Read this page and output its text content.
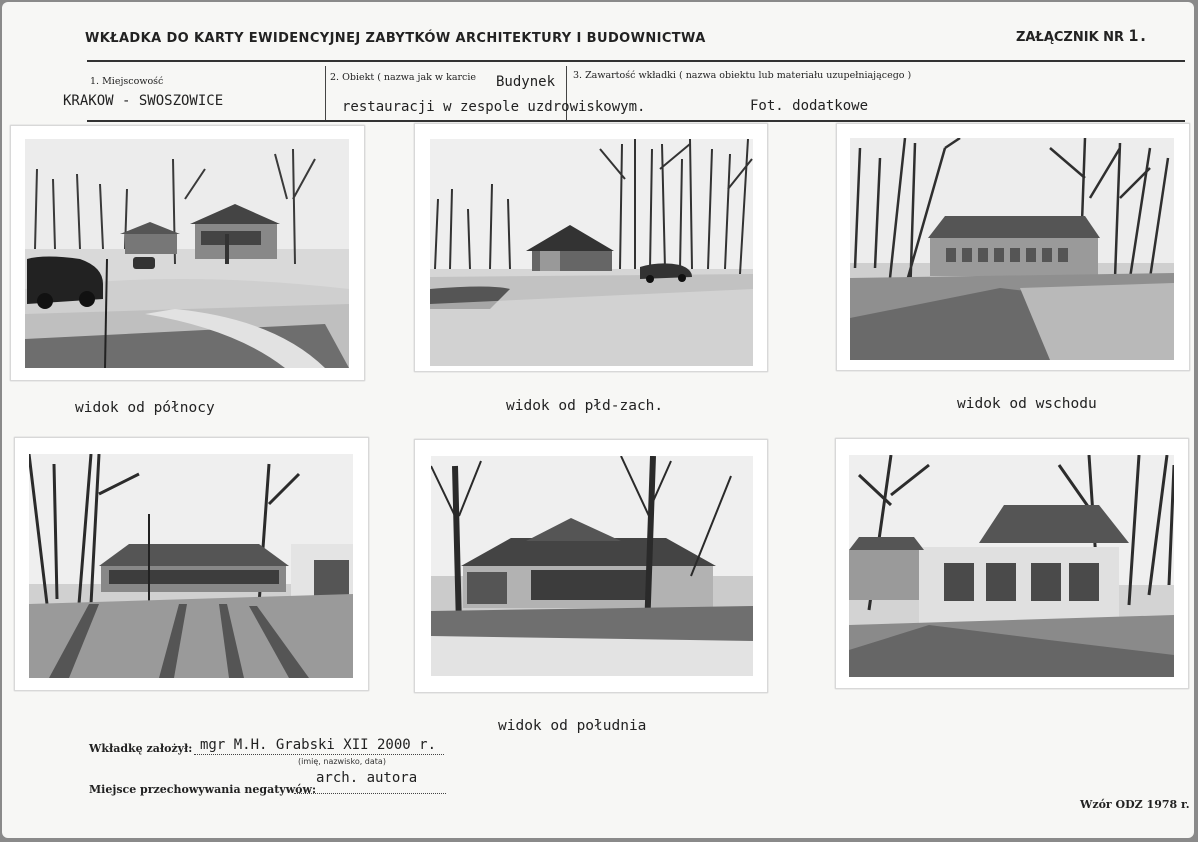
WKŁADKA DO KARTY EWIDENCYJNEJ ZABYTKÓW ARCHITEKTURY I BUDOWNICTWA	ZAŁĄCZNIK NR 1.
1. Miejscowość
KRAKOW - SWOSZOWICE
2. Obiekt ( nazwa jak w karcie Budynek
restauracji w zespole uzdrowiskowym.
3. Zawartość wkładki ( nazwa obiektu lub materiału uzupełniającego )
Fot. dodatkowe
widok od północy	widok od płd-zach.	widok od wschodu
widok od południa
Wkładkę założył: mgr M.H. Grabski XII 2000 r.
(imię, nazwisko, data)
Miejsce przechowywania negatywów:
arch. autora
Wzór ODZ 1978 r.
